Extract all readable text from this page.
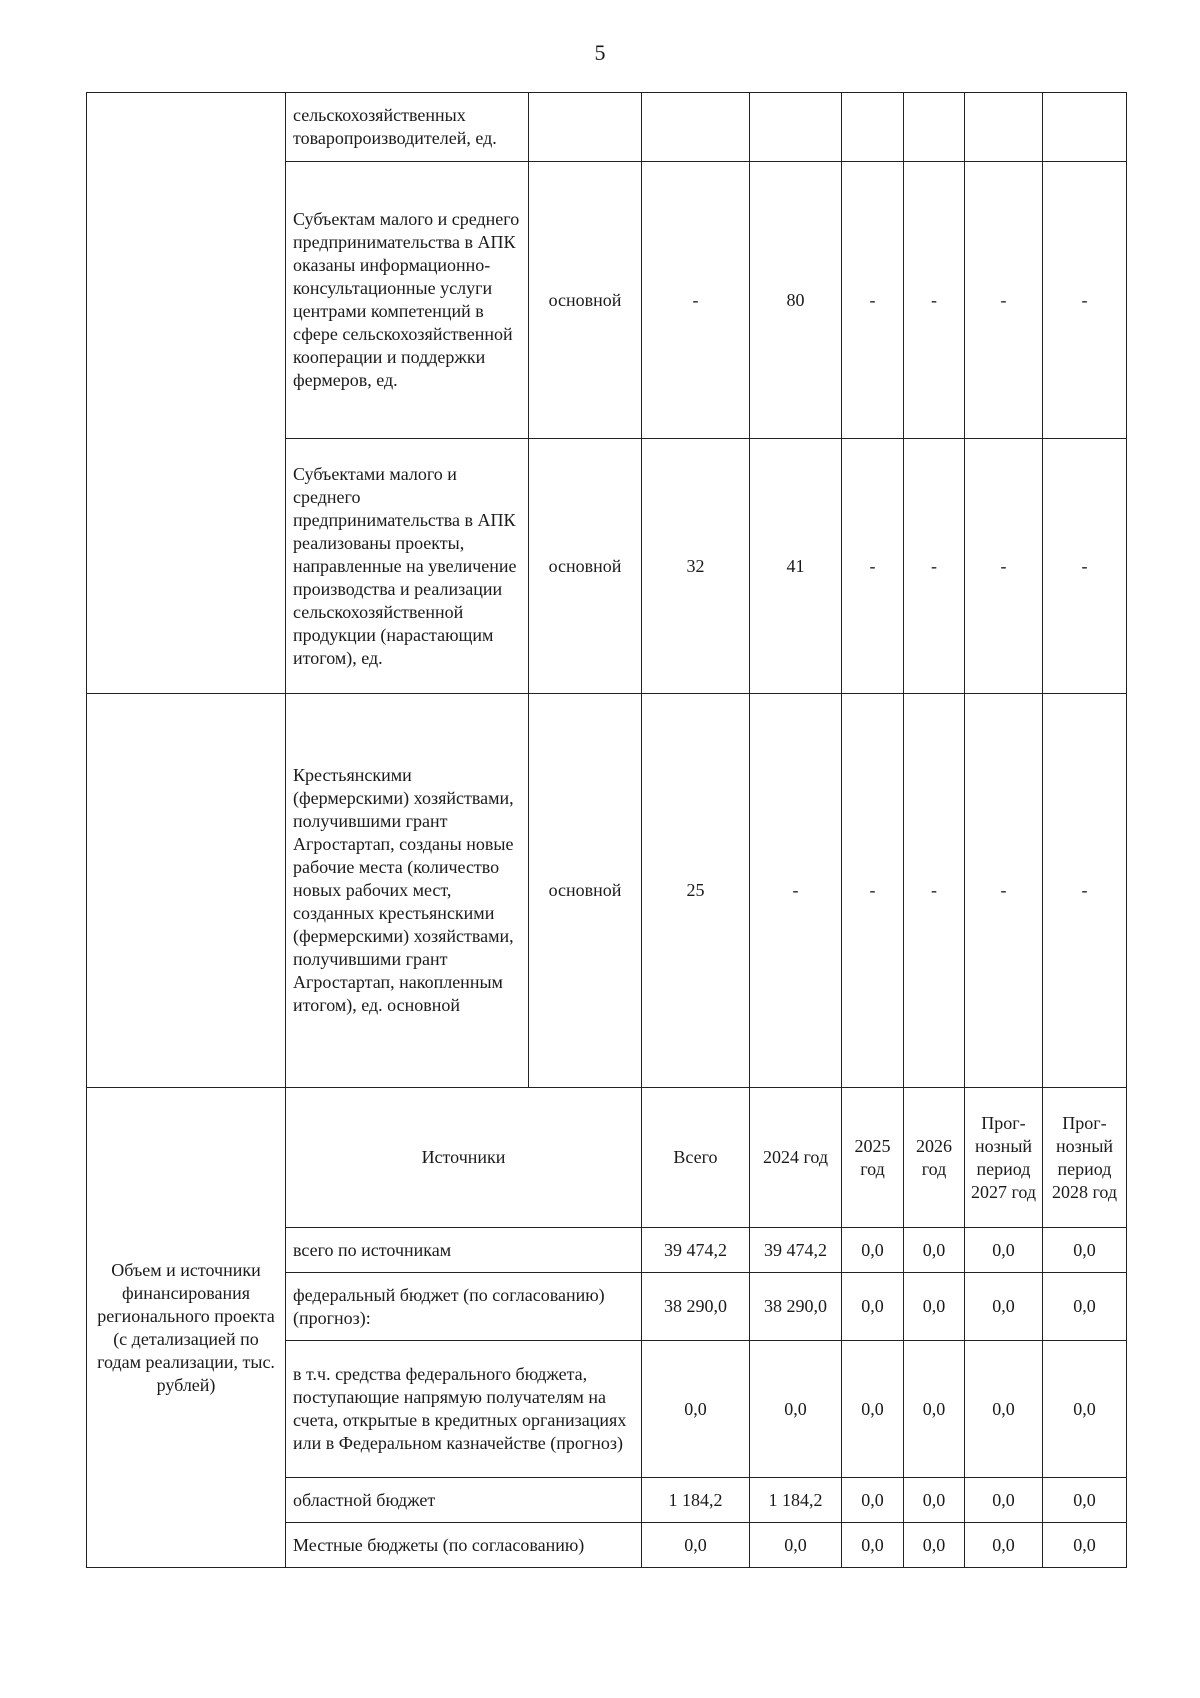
5
	сельскохозяйственных товаропроизводителей, ед.							
	Субъектам малого и среднего предпринимательства в АПК оказаны информационно-консультационные услуги центрами компетенций в сфере сельскохозяйственной кооперации и поддержки фермеров, ед.	основной	-	80	-	-	-	-
	Субъектами малого и среднего предпринимательства в АПК реализованы проекты, направленные на увеличение производства и реализации сельскохозяйственной продукции (нарастающим итогом), ед.	основной	32	41	-	-	-	-
	Крестьянскими (фермерскими) хозяйствами, получившими грант Агростартап, созданы новые рабочие места (количество новых рабочих мест, созданных крестьянскими (фермерскими) хозяйствами, получившими грант Агростартап, накопленным итогом), ед. основной	основной	25	-	-	-	-	-
Объем и источники финансирования регионального проекта (с детализацией по годам реализации, тыс. рублей)	Источники		Всего	2024 год	2025 год	2026 год	Прог-нозный период 2027 год	Прог-нозный период 2028 год
	всего по источникам		39 474,2	39 474,2	0,0	0,0	0,0	0,0
	федеральный бюджет (по согласованию) (прогноз):		38 290,0	38 290,0	0,0	0,0	0,0	0,0
	в т.ч. средства федерального бюджета, поступающие напрямую получателям на счета, открытые в кредитных организациях или в Федеральном казначействе (прогноз)		0,0	0,0	0,0	0,0	0,0	0,0
	областной бюджет		1 184,2	1 184,2	0,0	0,0	0,0	0,0
	Местные бюджеты (по согласованию)		0,0	0,0	0,0	0,0	0,0	0,0
